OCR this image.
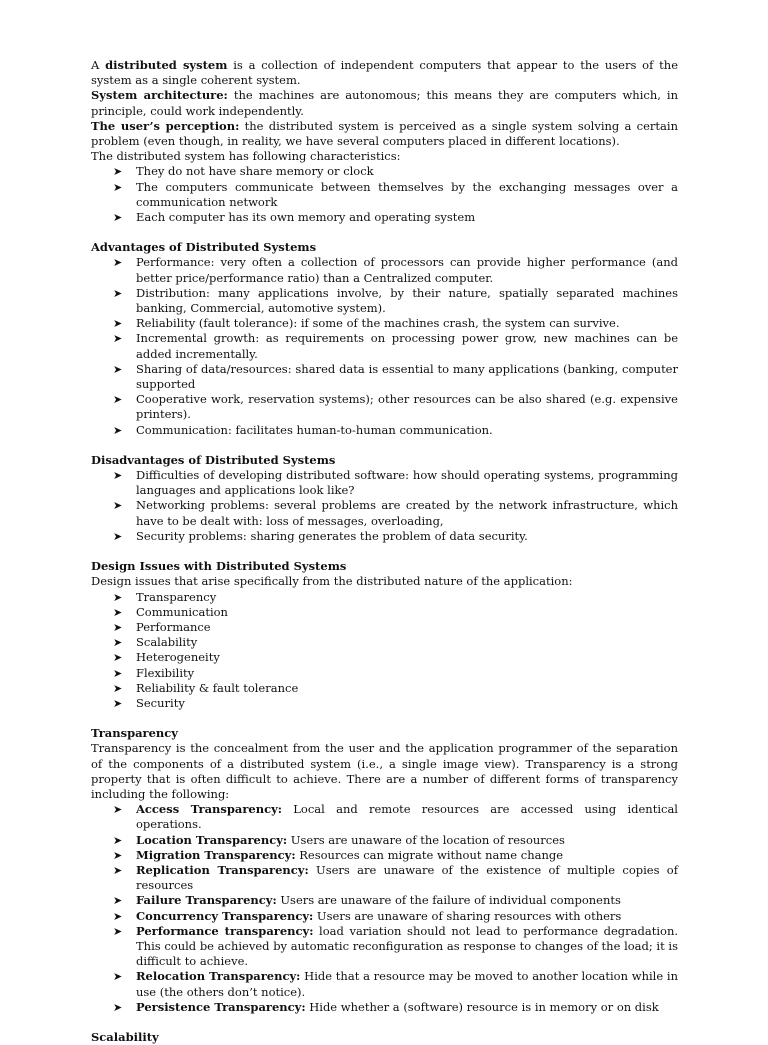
A distributed system is a collection of independent computers that appear to the users of the system as a single coherent system.

System architecture: the machines are autonomous; this means they are computers which, in principle, could work independently.

The user’s perception: the distributed system is perceived as a single system solving a certain problem (even though, in reality, we have several computers placed in different locations).

The distributed system has following characteristics:

➤	They do not have share memory or clock
➤	The computers communicate between themselves by the exchanging messages over a communication network
➤	Each computer has its own memory and operating system

Advantages of Distributed Systems

➤	Performance: very often a collection of processors can provide higher performance (and better price/performance ratio) than a Centralized computer.
➤	Distribution: many applications involve, by their nature, spatially separated machines banking, Commercial, automotive system).
➤	Reliability (fault tolerance): if some of the machines crash, the system can survive.
➤	Incremental growth: as requirements on processing power grow, new machines can be added incrementally.
➤	Sharing of data/resources: shared data is essential to many applications (banking, computer supported
➤	Cooperative work, reservation systems); other resources can be also shared (e.g. expensive printers).
➤	Communication: facilitates human-to-human communication.

Disadvantages of Distributed Systems

➤	Difficulties of developing distributed software: how should operating systems, programming languages and applications look like?
➤	Networking problems: several problems are created by the network infrastructure, which have to be dealt with: loss of messages, overloading,
➤	Security problems: sharing generates the problem of data security.

Design Issues with Distributed Systems

Design issues that arise specifically from the distributed nature of the application:

➤	Transparency
➤	Communication
➤	Performance
➤	Scalability
➤	Heterogeneity
➤	Flexibility
➤	Reliability & fault tolerance
➤	Security

Transparency

Transparency is the concealment from the user and the application programmer of the separation of the components of a distributed system (i.e., a single image view). Transparency is a strong property that is often difficult to achieve. There are a number of different forms of transparency including the following:

➤	Access Transparency: Local and remote resources are accessed using identical operations.
➤	Location Transparency: Users are unaware of the location of resources
➤	Migration Transparency: Resources can migrate without name change
➤	Replication Transparency: Users are unaware of the existence of multiple copies of resources
➤	Failure Transparency: Users are unaware of the failure of individual components
➤	Concurrency Transparency: Users are unaware of sharing resources with others
➤	Performance transparency: load variation should not lead to performance degradation. This could be achieved by automatic reconfiguration as response to changes of the load; it is difficult to achieve.
➤	Relocation Transparency: Hide that a resource may be moved to another location while in use (the others don’t notice).
➤	Persistence Transparency: Hide whether a (software) resource is in memory or on disk

Scalability
